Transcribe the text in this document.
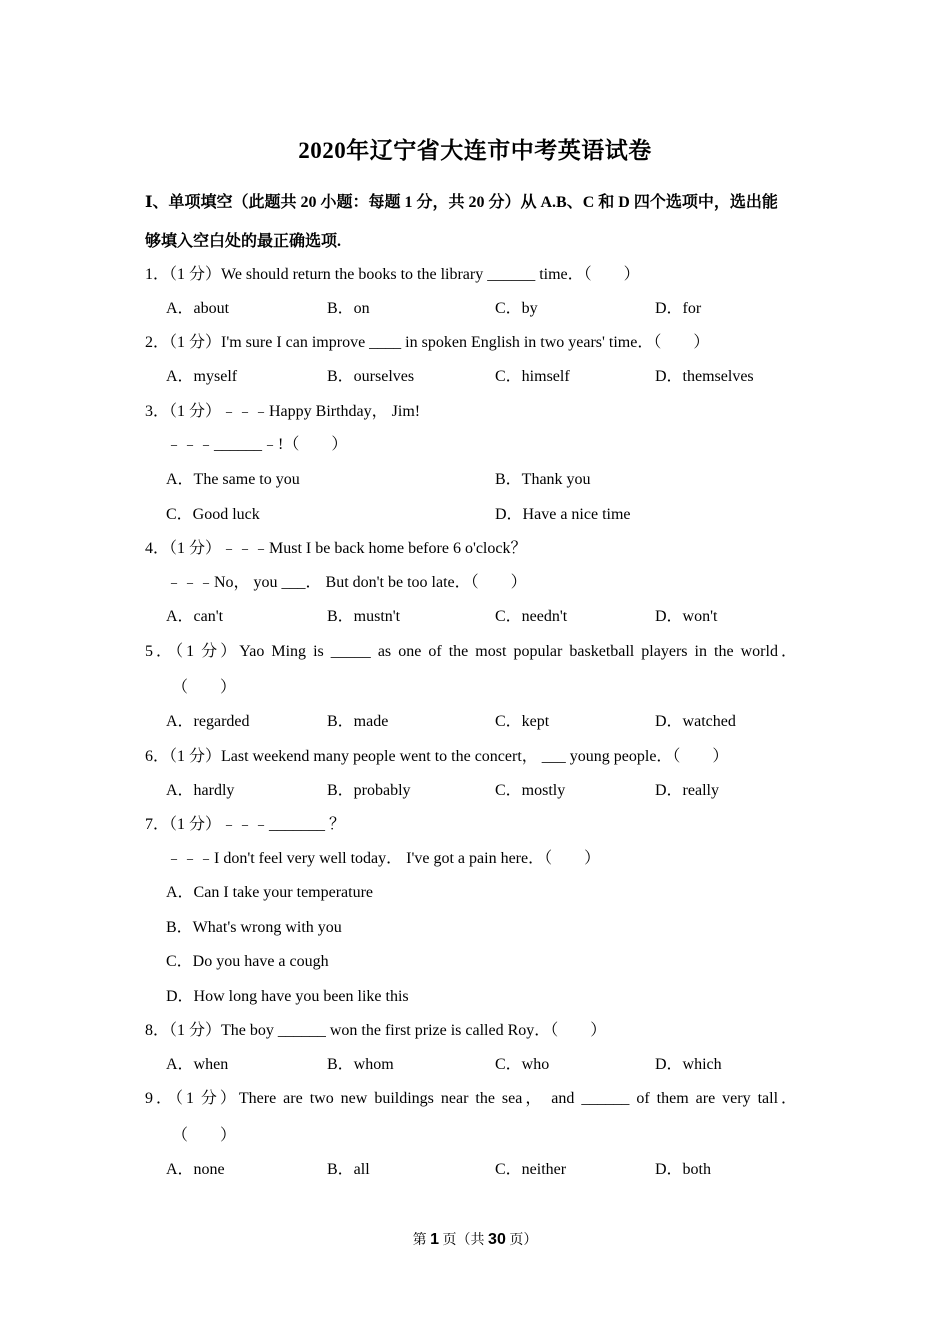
2020年辽宁省大连市中考英语试卷
Ⅰ、单项填空（此题共 20 小题：每题 1 分，共 20 分）从 A.B、C 和 D 四个选项中，选出能
够填入空白处的最正确选项.
1．（1 分）We should return the books to the library ______ time．（　　）
A．about	B．on	C．by	D．for
2．（1 分）I'm sure I can improve ____ in spoken English in two years' time．（　　）
A．myself	B．ourselves	C．himself	D．themselves
3．（1 分）﹣﹣﹣Happy Birthday， Jim!
﹣﹣﹣______﹣!（　　）
A．The same to you	B．Thank you
C．Good luck	D．Have a nice time
4．（1 分）﹣﹣﹣Must I be back home before 6 o'clock？
﹣﹣﹣No， you ___． But don't be too late．（　　）
A．can't	B．mustn't	C．needn't	D．won't
5．（1 分）Yao Ming is _____ as one of the most popular basketball players in the world．
（　　）
A．regarded	B．made	C．kept	D．watched
6．（1 分）Last weekend many people went to the concert， ___ young people．（　　）
A．hardly	B．probably	C．mostly	D．really
7．（1 分）﹣﹣﹣_______ ？
﹣﹣﹣I don't feel very well today． I've got a pain here．（　　）
A．Can I take your temperature
B．What's wrong with you
C．Do you have a cough
D．How long have you been like this
8．（1 分）The boy ______ won the first prize is called Roy．（　　）
A．when	B．whom	C．who	D．which
9．（1 分）There are two new buildings near the sea， and ______ of them are very tall．
（　　）
A．none	B．all	C．neither	D．both
第 1 页（共 30 页）
